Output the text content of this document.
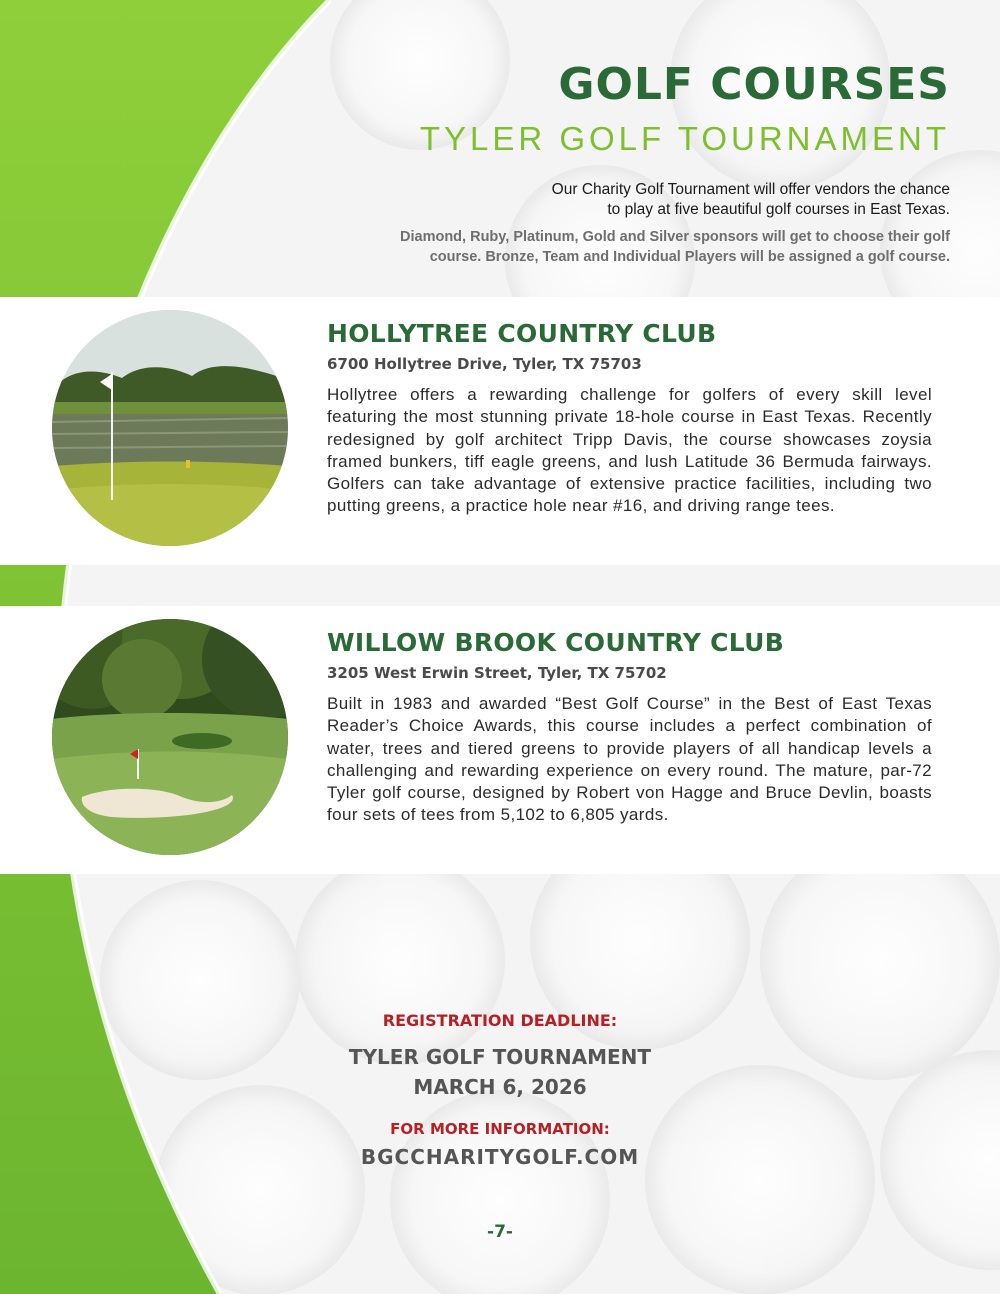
GOLF COURSES
TYLER GOLF TOURNAMENT
Our Charity Golf Tournament will offer vendors the chance
to play at five beautiful golf courses in East Texas.
Diamond, Ruby, Platinum, Gold and Silver sponsors will get to choose their golf
course. Bronze, Team and Individual Players will be assigned a golf course.
HOLLYTREE COUNTRY CLUB
6700 Hollytree Drive, Tyler, TX 75703
Hollytree offers a rewarding challenge for golfers of every skill level featuring the most stunning private 18-hole course in East Texas. Recently redesigned by golf architect Tripp Davis, the course showcases zoysia framed bunkers, tiff eagle greens, and lush Latitude 36 Bermuda fairways. Golfers can take advantage of extensive practice facilities, including two putting greens, a practice hole near #16, and driving range tees.
WILLOW BROOK COUNTRY CLUB
3205 West Erwin Street, Tyler, TX 75702
Built in 1983 and awarded “Best Golf Course” in the Best of East Texas Reader’s Choice Awards, this course includes a perfect combination of water, trees and tiered greens to provide players of all handicap levels a challenging and rewarding experience on every round. The mature, par-72 Tyler golf course, designed by Robert von Hagge and Bruce Devlin, boasts four sets of tees from 5,102 to 6,805 yards.
REGISTRATION DEADLINE:
TYLER GOLF TOURNAMENT
MARCH 6, 2026
FOR MORE INFORMATION:
BGCCHARITYGOLF.COM
-7-
